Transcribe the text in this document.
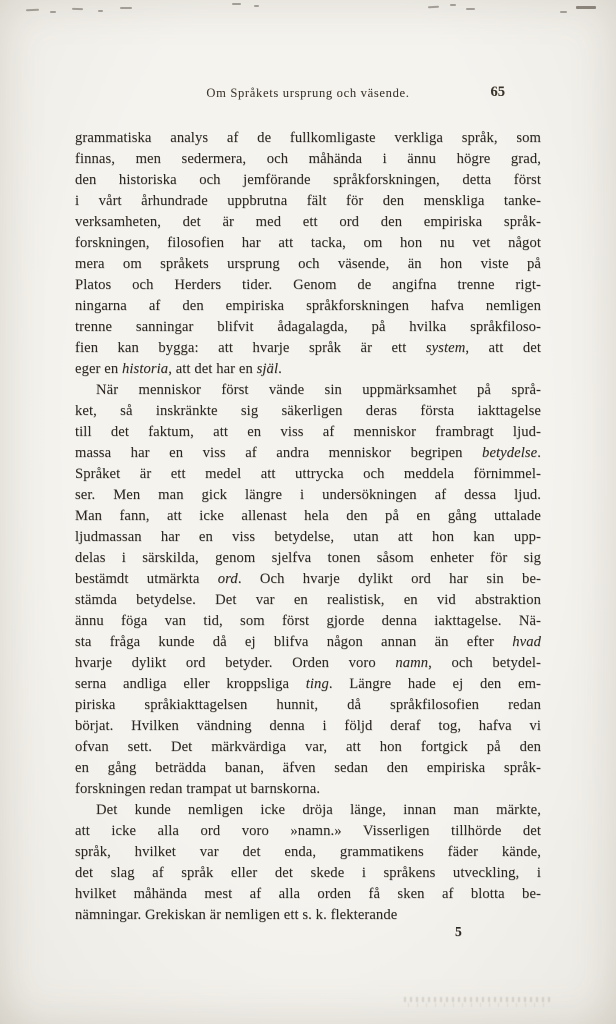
Om Språkets ursprung och väsende.	65
grammatiska analys af de fullkomligaste verkliga språk, som
finnas, men sedermera, och måhända i ännu högre grad,
den historiska och jemförande språkforskningen, detta först
i vårt århundrade uppbrutna fält för den menskliga tanke-
verksamheten, det är med ett ord den empiriska språk-
forskningen, filosofien har att tacka, om hon nu vet något
mera om språkets ursprung och väsende, än hon viste på
Platos och Herders tider. Genom de angifna trenne rigt-
ningarna af den empiriska språkforskningen hafva nemligen
trenne sanningar blifvit ådagalagda, på hvilka språkfiloso-
fien kan bygga: att hvarje språk är ett system, att det
eger en historia, att det har en själ.
När menniskor först vände sin uppmärksamhet på språ-
ket, så inskränkte sig säkerligen deras första iakttagelse
till det faktum, att en viss af menniskor frambragt ljud-
massa har en viss af andra menniskor begripen betydelse.
Språket är ett medel att uttrycka och meddela förnimmel-
ser. Men man gick längre i undersökningen af dessa ljud.
Man fann, att icke allenast hela den på en gång uttalade
ljudmassan har en viss betydelse, utan att hon kan upp-
delas i särskilda, genom sjelfva tonen såsom enheter för sig
bestämdt utmärkta ord. Och hvarje dylikt ord har sin be-
stämda betydelse. Det var en realistisk, en vid abstraktion
ännu föga van tid, som först gjorde denna iakttagelse. Nä-
sta fråga kunde då ej blifva någon annan än efter hvad
hvarje dylikt ord betyder. Orden voro namn, och betydel-
serna andliga eller kroppsliga ting. Längre hade ej den em-
piriska språkiakttagelsen hunnit, då språkfilosofien redan
börjat. Hvilken vändning denna i följd deraf tog, hafva vi
ofvan sett. Det märkvärdiga var, att hon fortgick på den
en gång beträdda banan, äfven sedan den empiriska språk-
forskningen redan trampat ut barnskorna.
Det kunde nemligen icke dröja länge, innan man märkte,
att icke alla ord voro »namn.» Visserligen tillhörde det
språk, hvilket var det enda, grammatikens fäder kände,
det slag af språk eller det skede i språkens utveckling, i
hvilket måhända mest af alla orden få sken af blotta be-
nämningar. Grekiskan är nemligen ett s. k. flekterande
5
